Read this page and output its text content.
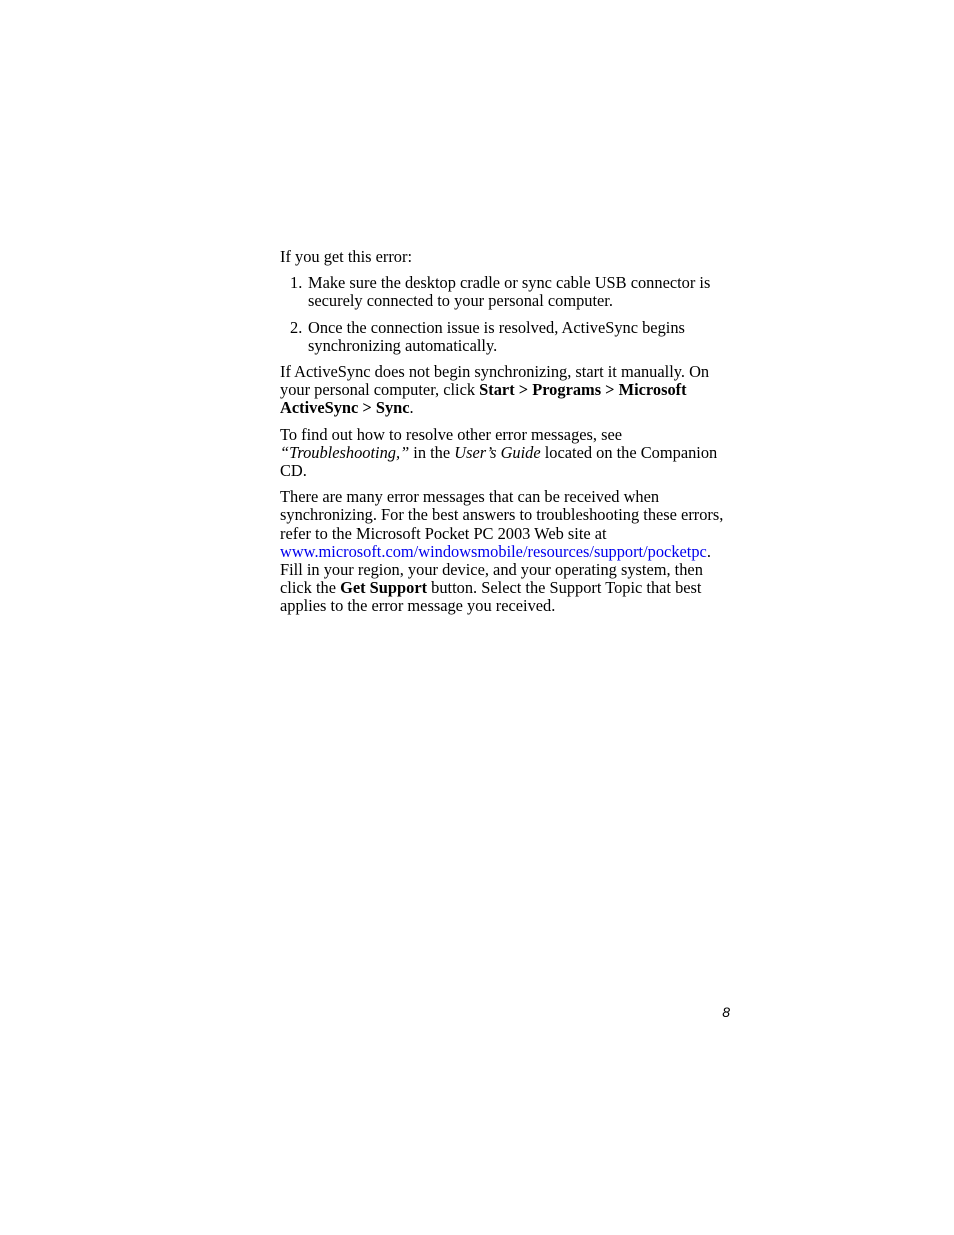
If you get this error:

1. Make sure the desktop cradle or sync cable USB connector is securely connected to your personal computer.
2. Once the connection issue is resolved, ActiveSync begins synchronizing automatically.

If ActiveSync does not begin synchronizing, start it manually. On your personal computer, click Start > Programs > Microsoft ActiveSync > Sync.

To find out how to resolve other error messages, see “Troubleshooting,” in the User’s Guide located on the Companion CD.

There are many error messages that can be received when synchronizing. For the best answers to troubleshooting these errors, refer to the Microsoft Pocket PC 2003 Web site at www.microsoft.com/windowsmobile/resources/support/pocketpc. Fill in your region, your device, and your operating system, then click the Get Support button. Select the Support Topic that best applies to the error message you received.

8
